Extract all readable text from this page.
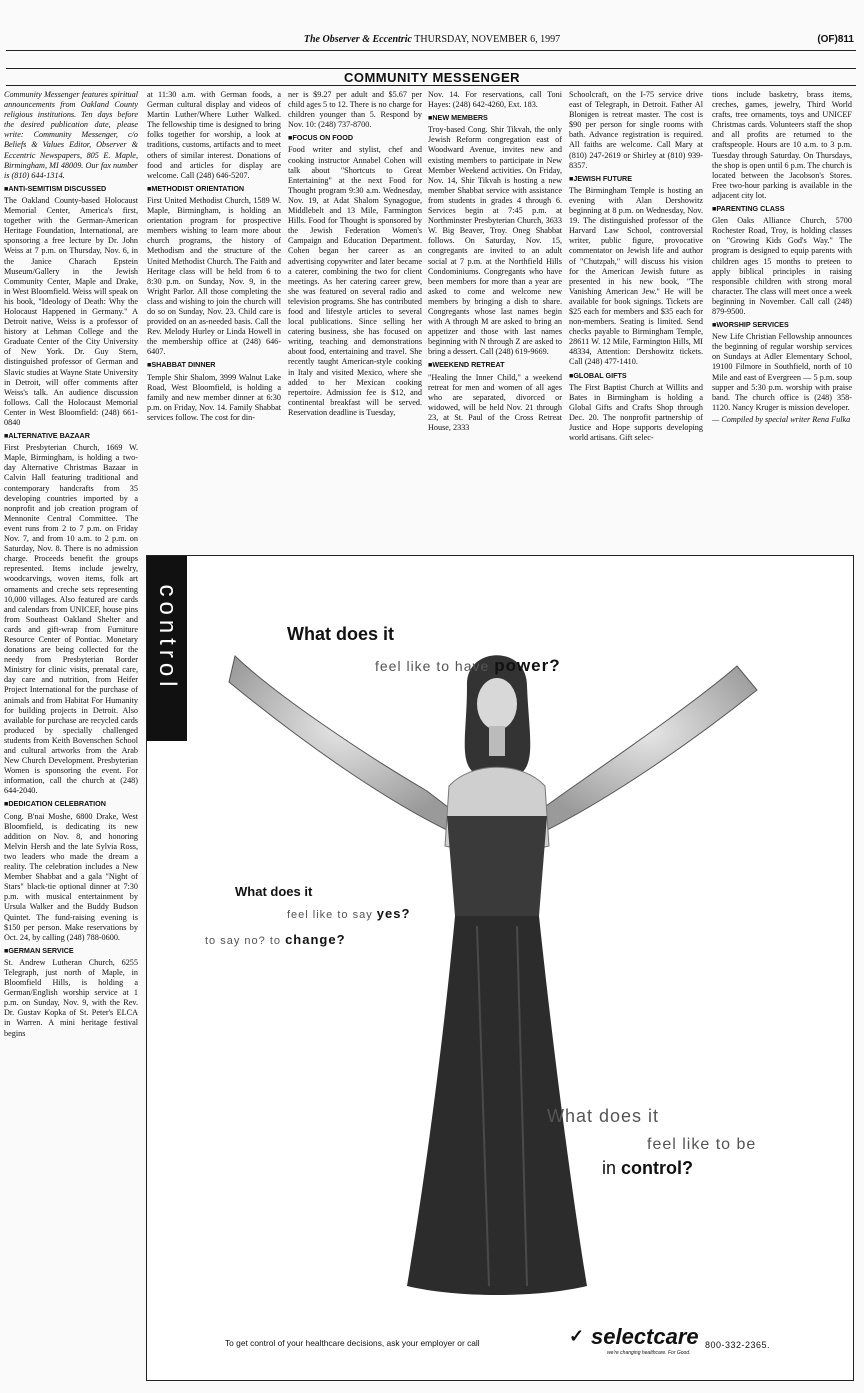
The Observer & Eccentric THURSDAY, NOVEMBER 6, 1997	(OF)811
COMMUNITY MESSENGER

Community Messenger features spiritual announcements from Oakland County religious institutions. Ten days before the desired publication date, please write: Community Messenger, c/o Beliefs & Values Editor, Observer & Eccentric Newspapers, 805 E. Maple, Birmingham, MI 48009. Our fax number is (810) 644-1314.

■ ANTI-SEMITISM DISCUSSED

The Oakland County-based Holocaust Memorial Center, America's first, together with the German-American Heritage Foundation, International, are sponsoring a free lecture by Dr. John Weiss at 7 p.m. on Thursday, Nov. 6, in the Janice Charach Epstein Museum/Gallery in the Jewish Community Center, Maple and Drake, in West Bloomfield. Weiss will speak on his book, "Ideology of Death: Why the Holocaust Happened in Germany." A Detroit native, Weiss is a professor of history at Lehman College and the Graduate Center of the City University of New York. Dr. Guy Stern, distinguished professor of German and Slavic studies at Wayne State University in Detroit, will offer comments after Weiss's talk. An audience discussion follows. Call the Holocaust Memorial Center in West Bloomfield: (248) 661-0840

■ ALTERNATIVE BAZAAR

First Presbyterian Church, 1669 W. Maple, Birmingham, is holding a two-day Alternative Christmas Bazaar in Calvin Hall featuring traditional and contemporary handcrafts from 35 developing countries imported by a nonprofit and job creation program of Mennonite Central Committee. The event runs from 2 to 7 p.m. on Friday Nov. 7, and from 10 a.m. to 2 p.m. on Saturday, Nov. 8. There is no admission charge. Proceeds benefit the groups represented. Items include jewelry, woodcarvings, woven items, folk art ornaments and creche sets representing 10,000 villages. Also featured are cards and calendars from UNICEF, house pins from Southeast Oakland Shelter and cards and gift-wrap from Furniture Resource Center of Pontiac. Monetary donations are being collected for the needy from Presbyterian Border Ministry for clinic visits, prenatal care, day care and nutrition, from Heifer Project International for the purchase of animals and from Habitat For Humanity for building projects in Detroit. Also available for purchase are recycled cards produced by specially challenged students from Keith Bovenschen School and cultural artworks from the Arab New Church Development. Presbyterian Women is sponsoring the event. For information, call the church at (248) 644-2040.

■ DEDICATION CELEBRATION

Cong. B'nai Moshe, 6800 Drake, West Bloomfield, is dedicating its new addition on Nov. 8, and honoring Melvin Hersh and the late Sylvia Ross, two leaders who made the dream a reality. The celebration includes a New Member Shabbat and a gala "Night of Stars" black-tie optional dinner at 7:30 p.m. with musical entertainment by Ursula Walker and the Buddy Budson Quintet. The fund-raising evening is $150 per person. Make reservations by Oct. 24, by calling (248) 788-0600.

■ GERMAN SERVICE

St. Andrew Lutheran Church, 6255 Telegraph, just north of Maple, in Bloomfield Hills, is holding a German/English worship service at 1 p.m. on Sunday, Nov. 9, with the Rev. Dr. Gustav Kopka of St. Peter's ELCA in Warren. A mini heritage festival begins

at 11:30 a.m. with German foods, a German cultural display and videos of Martin Luther/Where Luther Walked. The fellowship time is designed to bring folks together for worship, a look at traditions, customs, artifacts and to meet others of similar interest. Donations of food and articles for display are welcome. Call (248) 646-5207.

■ METHODIST ORIENTATION

First United Methodist Church, 1589 W. Maple, Birmingham, is holding an orientation program for prospective members wishing to learn more about church programs, the history of Methodism and the structure of the United Methodist Church. The Faith and Heritage class will be held from 6 to 8:30 p.m. on Sunday, Nov. 9, in the Wright Parlor. All those completing the class and wishing to join the church will do so on Sunday, Nov. 23. Child care is provided on an as-needed basis. Call the Rev. Melody Hurley or Linda Howell in the membership office at (248) 646-6407.

■ SHABBAT DINNER

Temple Shir Shalom, 3999 Walnut Lake Road, West Bloomfield, is holding a family and new member dinner at 6:30 p.m. on Friday, Nov. 14. Family Shabbat services follow. The cost for din-

ner is $9.27 per adult and $5.67 per child ages 5 to 12. There is no charge for children younger than 5. Respond by Nov. 10: (248) 737-8700.

■ FOCUS ON FOOD

Food writer and stylist, chef and cooking instructor Annabel Cohen will talk about "Shortcuts to Great Entertaining" at the next Food for Thought program 9:30 a.m. Wednesday, Nov. 19, at Adat Shalom Synagogue, Middlebelt and 13 Mile, Farmington Hills. Food for Thought is sponsored by the Jewish Federation Women's Campaign and Education Department. Cohen began her career as an advertising copywriter and later became a caterer, combining the two for client meetings. As her catering career grew, she was featured on several radio and television programs. She has contributed food and lifestyle articles to several local publications. Since selling her catering business, she has focused on writing, teaching and demonstrations about food, entertaining and travel. She recently taught American-style cooking in Italy and visited Mexico, where she added to her Mexican cooking repertoire. Admission fee is $12, and continental breakfast will be served. Reservation deadline is Tuesday,

Nov. 14. For reservations, call Toni Hayes: (248) 642-4260, Ext. 183.

■ NEW MEMBERS

Troy-based Cong. Shir Tikvah, the only Jewish Reform congregation east of Woodward Avenue, invites new and existing members to participate in New Member Weekend activities. On Friday, Nov. 14, Shir Tikvah is hosting a new member Shabbat service with assistance from students in grades 4 through 6. Services begin at 7:45 p.m. at Northminster Presbyterian Church, 3633 W. Big Beaver, Troy. Oneg Shabbat follows. On Saturday, Nov. 15, congregants are invited to an adult social at 7 p.m. at the Northfield Hills Condominiums. Congregants who have been members for more than a year are asked to come and welcome new members by bringing a dish to share. Congregants whose last names begin with A through M are asked to bring an appetizer and those with last names beginning with N through Z are asked to bring a dessert. Call (248) 619-9669.

■ WEEKEND RETREAT

"Healing the Inner Child," a weekend retreat for men and women of all ages who are separated, divorced or widowed, will be held Nov. 21 through 23, at St. Paul of the Cross Retreat House, 2333

Schoolcraft, on the I-75 service drive east of Telegraph, in Detroit. Father Al Blonigen is retreat master. The cost is $90 per person for single rooms with bath. Advance registration is required. All faiths are welcome. Call Mary at (810) 247-2619 or Shirley at (810) 939-8357.

■ JEWISH FUTURE

The Birmingham Temple is hosting an evening with Alan Dershowitz beginning at 8 p.m. on Wednesday, Nov. 19. The distinguished professor of the Harvard Law School, controversial writer, public figure, provocative commentator on Jewish life and author of "Chutzpah," will discuss his vision for the American Jewish future as presented in his new book, "The Vanishing American Jew." He will be available for book signings. Tickets are $25 each for members and $35 each for non-members. Seating is limited. Send checks payable to Birmingham Temple, 28611 W. 12 Mile, Farmington Hills, MI 48334, Attention: Dershowitz tickets. Call (248) 477-1410.

■ GLOBAL GIFTS

The First Baptist Church at Willits and Bates in Birmingham is holding a Global Gifts and Crafts Shop through Dec. 20. The nonprofit partnership of Justice and Hope supports developing world artisans. Gift selec-

tions include basketry, brass items, creches, games, jewelry, Third World crafts, tree ornaments, toys and UNICEF Christmas cards. Volunteers staff the shop and all profits are returned to the craftspeople. Hours are 10 a.m. to 3 p.m. Tuesday through Saturday. On Thursdays, the shop is open until 6 p.m. The church is located between the Jacobson's Stores. Free two-hour parking is available in the adjacent city lot.

■ PARENTING CLASS

Glen Oaks Alliance Church, 5700 Rochester Road, Troy, is holding classes on "Growing Kids God's Way." The program is designed to equip parents with children ages 15 months to preteen to apply biblical principles in raising responsible children with strong moral character. The class will meet once a week beginning in November. Call call (248) 879-9500.

■ WORSHIP SERVICES

New Life Christian Fellowship announces the beginning of regular worship services on Sundays at Adler Elementary School, 19100 Filmore in Southfield, north of 10 Mile and east of Evergreen — 5 p.m. soup supper and 5:30 p.m. worship with praise band. The church office is (248) 358-1120. Nancy Kruger is mission developer.

— Compiled by special writer Rena Fulka

control	What does it
feel like to have power?
What does it
feel like to say yes?
to say no? to change?
What does it
feel like to be
in control?
To get control of your healthcare decisions, ask your employer or call	✓ selectcare
we're changing healthcare. For Good.
800-332-2365.
